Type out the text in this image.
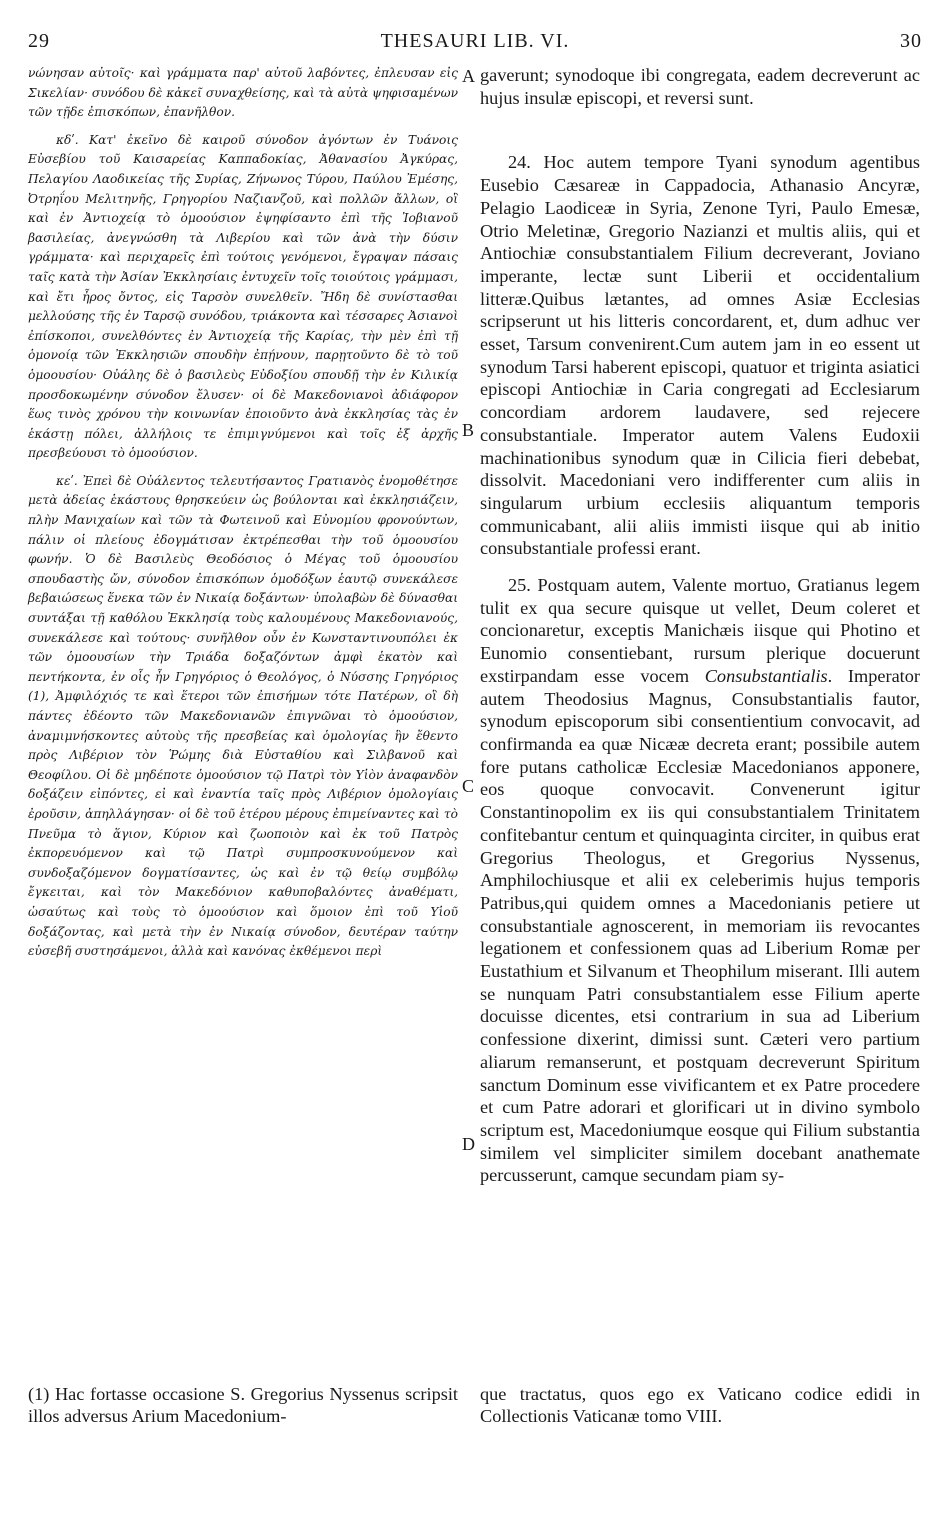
29	THESAURI LIB. VI.	30

νώνησαν αὐτοῖς· καὶ γράμματα παρ' αὐτοῦ λαβόντες, ἐπλευσαν εἰς Σικελίαν· συνόδου δὲ κἀκεῖ συναχθείσης, καὶ τὰ αὐτὰ ψηφισαμένων τῶν τῇδε ἐπισκόπων, ἐπανῆλθον.

κδʹ. Κατ' ἐκεῖνο δὲ καιροῦ σύνοδον ἀγόντων ἐν Τυάνοις Εὐσεβίου τοῦ Καισαρείας Καππαδοκίας, Ἀθανασίου Ἀγκύρας, Πελαγίου Λαοδικείας τῆς Συρίας, Ζήνωνος Τύρου, Παύλου Ἐμέσης, Ὀτρηΐου Μελιτηνῆς, Γρηγορίου Ναζιανζοῦ, καὶ πολλῶν ἄλλων, οἳ καὶ ἐν Ἀντιοχείᾳ τὸ ὁμοούσιον ἐψηφίσαντο ἐπὶ τῆς Ἰοβιανοῦ βασιλείας, ἀνεγνώσθη τὰ Λιβερίου καὶ τῶν ἀνὰ τὴν δύσιν γράμματα· καὶ περιχαρεῖς ἐπὶ τούτοις γενόμενοι, ἔγραψαν πάσαις ταῖς κατὰ τὴν Ἀσίαν Ἐκκλησίαις ἐντυχεῖν τοῖς τοιούτοις γράμμασι, καὶ ἔτι ἦρος ὄντος, εἰς Ταρσὸν συνελθεῖν. Ἤδη δὲ συνίστασθαι μελλούσης τῆς ἐν Ταρσῷ συνόδου, τριάκοντα καὶ τέσσαρες Ἀσιανοὶ ἐπίσκοποι, συνελθόντες ἐν Ἀντιοχείᾳ τῆς Καρίας, τὴν μὲν ἐπὶ τῇ ὁμονοίᾳ τῶν Ἐκκλησιῶν σπουδὴν ἐπῄνουν, παρῃτοῦντο δὲ τὸ τοῦ ὁμοουσίου· Οὐάλης δὲ ὁ βασιλεὺς Εὐδοξίου σπουδῇ τὴν ἐν Κιλικίᾳ προσδοκωμένην σύνοδον ἔλυσεν· οἱ δὲ Μακεδονιανοὶ ἀδιάφορον ἕως τινὸς χρόνου τὴν κοινωνίαν ἐποιοῦντο ἀνὰ ἐκκλησίας τὰς ἐν ἑκάστῃ πόλει, ἀλλήλοις τε ἐπιμιγνύμενοι καὶ τοῖς ἐξ ἀρχῆς πρεσβεύουσι τὸ ὁμοούσιον.

κεʹ. Ἐπεὶ δὲ Οὐάλεντος τελευτήσαντος Γρατιανὸς ἐνομοθέτησε μετὰ ἀδείας ἑκάστους θρησκεύειν ὡς βούλονται καὶ ἐκκλησιάζειν, πλὴν Μανιχαίων καὶ τῶν τὰ Φωτεινοῦ καὶ Εὐνομίου φρονούντων, πάλιν οἱ πλείους ἐδογμάτισαν ἐκτρέπεσθαι τὴν τοῦ ὁμοουσίου φωνήν. Ὁ δὲ Βασιλεὺς Θεοδόσιος ὁ Μέγας τοῦ ὁμοουσίου σπουδαστὴς ὤν, σύνοδον ἐπισκόπων ὁμοδόξων ἑαυτῷ συνεκάλεσε βεβαιώσεως ἕνεκα τῶν ἐν Νικαίᾳ δοξάντων· ὑπολαβὼν δὲ δύνασθαι συντάξαι τῇ καθόλου Ἐκκλησίᾳ τοὺς καλουμένους Μακεδονιανούς, συνεκάλεσε καὶ τούτους· συνῆλθον οὖν ἐν Κωνσταντινουπόλει ἐκ τῶν ὁμοουσίων τὴν Τριάδα δοξαζόντων ἀμφὶ ἑκατὸν καὶ πεντήκοντα, ἐν οἷς ἦν Γρηγόριος ὁ Θεολόγος, ὁ Νύσσης Γρηγόριος (1), Ἀμφιλόχιός τε καὶ ἕτεροι τῶν ἐπισήμων τότε Πατέρων, οἳ δὴ πάντες ἐδέοντο τῶν Μακεδονιανῶν ἐπιγνῶναι τὸ ὁμοούσιον, ἀναμιμνήσκοντες αὐτοὺς τῆς πρεσβείας καὶ ὁμολογίας ἣν ἔθεντο πρὸς Λιβέριον τὸν Ῥώμης διὰ Εὐσταθίου καὶ Σιλβανοῦ καὶ Θεοφίλου. Οἱ δὲ μηδέποτε ὁμοούσιον τῷ Πατρὶ τὸν Υἱὸν ἀναφανδὸν δοξάζειν εἰπόντες, εἰ καὶ ἐναντία ταῖς πρὸς Λιβέριον ὁμολογίαις ἐροῦσιν, ἀπηλλάγησαν· οἱ δὲ τοῦ ἑτέρου μέρους ἐπιμείναντες καὶ τὸ Πνεῦμα τὸ ἅγιον, Κύριον καὶ ζωοποιὸν καὶ ἐκ τοῦ Πατρὸς ἐκπορευόμενον καὶ τῷ Πατρὶ συμπροσκυνούμενον καὶ συνδοξαζόμενον δογματίσαντες, ὡς καὶ ἐν τῷ θείῳ συμβόλῳ ἔγκειται, καὶ τὸν Μακεδόνιον καθυποβαλόντες ἀναθέματι, ὡσαύτως καὶ τοὺς τὸ ὁμοούσιον καὶ ὅμοιον ἐπὶ τοῦ Υἱοῦ δοξάζοντας, καὶ μετὰ τὴν ἐν Νικαίᾳ σύνοδον, δευτέραν ταύτην εὐσεβῆ συστησάμενοι, ἀλλὰ καὶ κανόνας ἐκθέμενοι περὶ

A
B
C
D

gaverunt; synodoque ibi congregata, eadem decreverunt ac hujus insulæ episcopi, et reversi sunt.

24. Hoc autem tempore Tyani synodum agentibus Eusebio Cæsareæ in Cappadocia, Athanasio Ancyræ, Pelagio Laodiceæ in Syria, Zenone Tyri, Paulo Emesæ, Otrio Meletinæ, Gregorio Nazianzi et multis aliis, qui et Antiochiæ consubstantialem Filium decreverant, Joviano imperante, lectæ sunt Liberii et occidentalium litteræ.Quibus lætantes, ad omnes Asiæ Ecclesias scripserunt ut his litteris concordarent, et, dum adhuc ver esset, Tarsum convenirent.Cum autem jam in eo essent ut synodum Tarsi haberent episcopi, quatuor et triginta asiatici episcopi Antiochiæ in Caria congregati ad Ecclesiarum concordiam ardorem laudavere, sed rejecere consubstantiale. Imperator autem Valens Eudoxii machinationibus synodum quæ in Cilicia fieri debebat, dissolvit. Macedoniani vero indifferenter cum aliis in singularum urbium ecclesiis aliquantum temporis communicabant, alii aliis immisti iisque qui ab initio consubstantiale professi erant.

25. Postquam autem, Valente mortuo, Gratianus legem tulit ex qua secure quisque ut vellet, Deum coleret et concionaretur, exceptis Manichæis iisque qui Photino et Eunomio consentiebant, rursum plerique docuerunt exstirpandam esse vocem Consubstantialis. Imperator autem Theodosius Magnus, Consubstantialis fautor, synodum episcoporum sibi consentientium convocavit, ad confirmanda ea quæ Nicææ decreta erant; possibile autem fore putans catholicæ Ecclesiæ Macedonianos apponere, eos quoque convocavit. Convenerunt igitur Constantinopolim ex iis qui consubstantialem Trinitatem confitebantur centum et quinquaginta circiter, in quibus erat Gregorius Theologus, et Gregorius Nyssenus, Amphilochiusque et alii ex celeberimis hujus temporis Patribus,qui quidem omnes a Macedonianis petiere ut consubstantiale agnoscerent, in memoriam iis revocantes legationem et confessionem quas ad Liberium Romæ per Eustathium et Silvanum et Theophilum miserant. Illi autem se nunquam Patri consubstantialem esse Filium aperte docuisse dicentes, etsi contrarium in sua ad Liberium confessione dixerint, dimissi sunt. Cæteri vero partium aliarum remanserunt, et postquam decreverunt Spiritum sanctum Dominum esse vivificantem et ex Patre procedere et cum Patre adorari et glorificari ut in divino symbolo scriptum est, Macedoniumque eosque qui Filium substantia similem vel simpliciter similem docebant anathemate percusserunt, camque secundam piam sy-

(1) Hac fortasse occasione S. Gregorius Nyssenus scripsit illos adversus Arium Macedonium-
que tractatus, quos ego ex Vaticano codice edidi in Collectionis Vaticanæ tomo VIII.
